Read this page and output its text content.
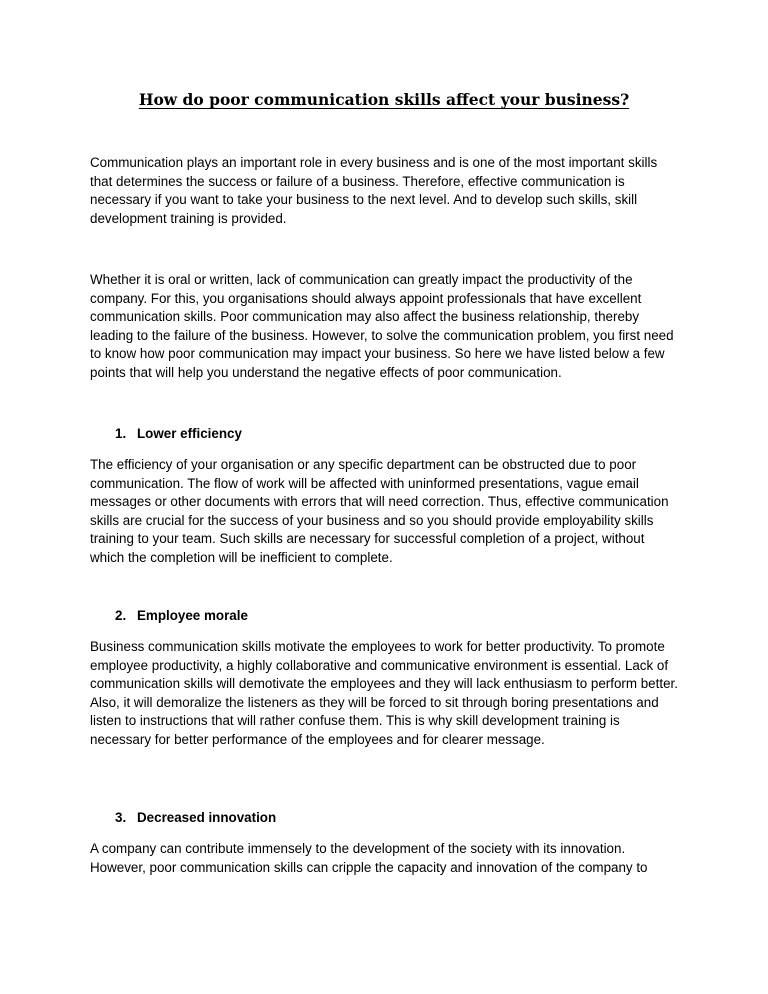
How do poor communication skills affect your business?

Communication plays an important role in every business and is one of the most important skills that determines the success or failure of a business. Therefore, effective communication is necessary if you want to take your business to the next level. And to develop such skills, skill development training is provided.

Whether it is oral or written, lack of communication can greatly impact the productivity of the company. For this, you organisations should always appoint professionals that have excellent communication skills. Poor communication may also affect the business relationship, thereby leading to the failure of the business. However, to solve the communication problem, you first need to know how poor communication may impact your business. So here we have listed below a few points that will help you understand the negative effects of poor communication.

1. Lower efficiency

The efficiency of your organisation or any specific department can be obstructed due to poor communication. The flow of work will be affected with uninformed presentations, vague email messages or other documents with errors that will need correction. Thus, effective communication skills are crucial for the success of your business and so you should provide employability skills training to your team. Such skills are necessary for successful completion of a project, without which the completion will be inefficient to complete.

2. Employee morale

Business communication skills motivate the employees to work for better productivity. To promote employee productivity, a highly collaborative and communicative environment is essential. Lack of communication skills will demotivate the employees and they will lack enthusiasm to perform better. Also, it will demoralize the listeners as they will be forced to sit through boring presentations and listen to instructions that will rather confuse them. This is why skill development training is necessary for better performance of the employees and for clearer message.

3. Decreased innovation

A company can contribute immensely to the development of the society with its innovation. However, poor communication skills can cripple the capacity and innovation of the company to
